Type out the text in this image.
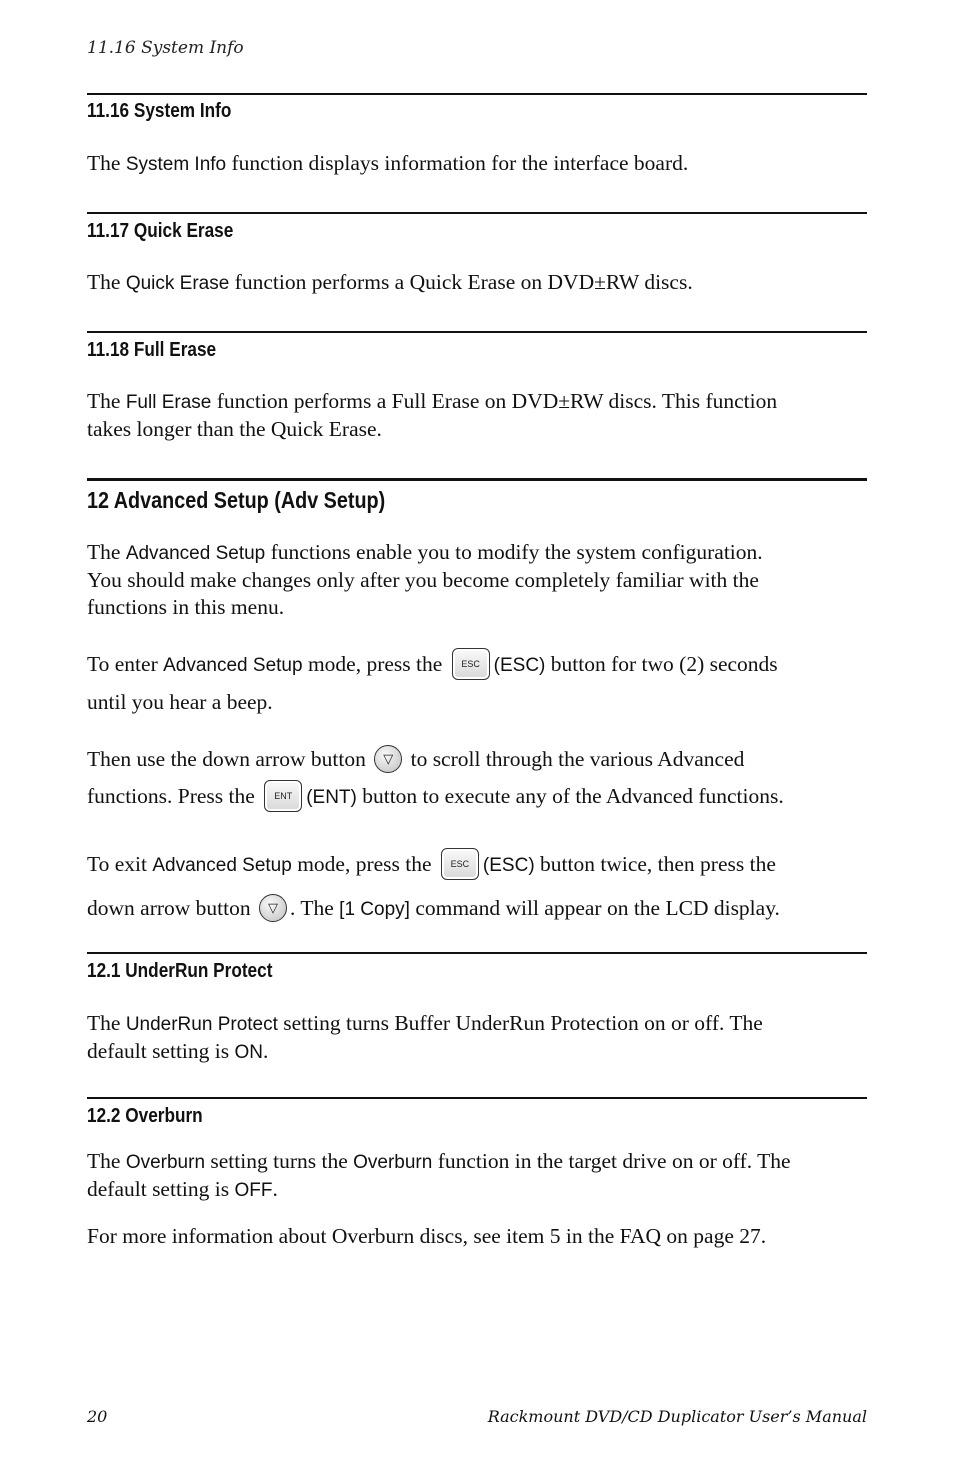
11.16 System Info
11.16 System Info
The System Info function displays information for the interface board.
11.17 Quick Erase
The Quick Erase function performs a Quick Erase on DVD±RW discs.
11.18 Full Erase
The Full Erase function performs a Full Erase on DVD±RW discs. This function
takes longer than the Quick Erase.
12 Advanced Setup (Adv Setup)
The Advanced Setup functions enable you to modify the system configuration.
You should make changes only after you become completely familiar with the
functions in this menu.
To enter Advanced Setup mode, press the ESC (ESC) button for two (2) seconds
until you hear a beep.
Then use the down arrow button ▽ to scroll through the various Advanced
functions. Press the ENT (ENT) button to execute any of the Advanced functions.
To exit Advanced Setup mode, press the ESC (ESC) button twice, then press the
down arrow button ▽ . The [1 Copy] command will appear on the LCD display.
12.1 UnderRun Protect
The UnderRun Protect setting turns Buffer UnderRun Protection on or off. The
default setting is ON.
12.2 Overburn
The Overburn setting turns the Overburn function in the target drive on or off. The
default setting is OFF.
For more information about Overburn discs, see item 5 in the FAQ on page 27.
20	Rackmount DVD/CD Duplicator User’s Manual
